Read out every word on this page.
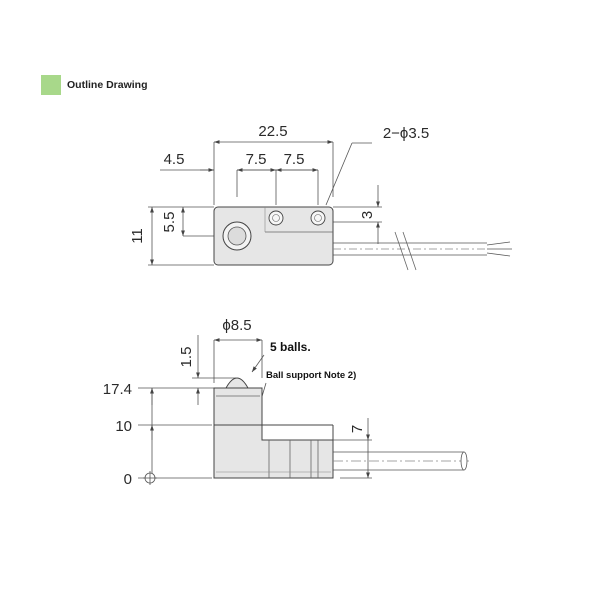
Outline Drawing
22.5
4.5	7.5 7.5
2−ϕ3.5
11
5.5	3
ϕ8.5
1.5	5 balls.
Ball support Note 2)
17.4
10
0
7
